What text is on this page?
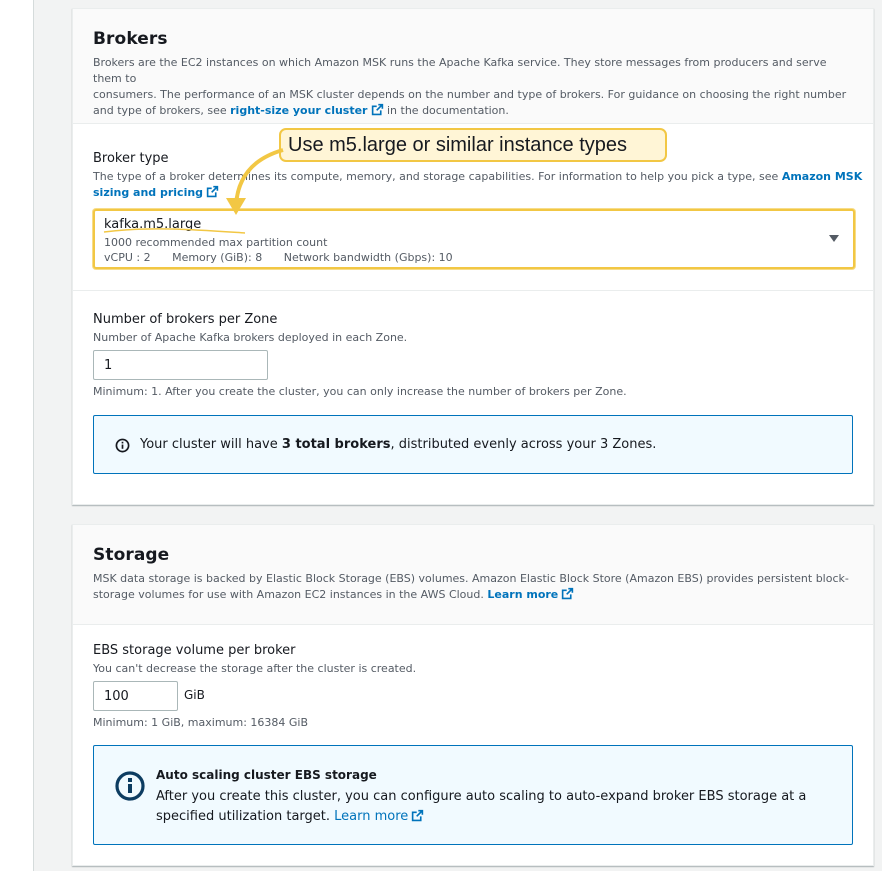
Brokers
Brokers are the EC2 instances on which Amazon MSK runs the Apache Kafka service. They store messages from producers and serve them to
consumers. The performance of an MSK cluster depends on the number and type of brokers. For guidance on choosing the right number
and type of brokers, see right-size your cluster in the documentation.
Broker type
The type of a broker determines its compute, memory, and storage capabilities. For information to help you pick a type, see Amazon MSK
sizing and pricing
kafka.m5.large
1000 recommended max partition count
vCPU : 2 Memory (GiB): 8 Network bandwidth (Gbps): 10
Number of brokers per Zone
Number of Apache Kafka brokers deployed in each Zone.
1
Minimum: 1. After you create the cluster, you can only increase the number of brokers per Zone.
Your cluster will have 3 total brokers, distributed evenly across your 3 Zones.
Storage
MSK data storage is backed by Elastic Block Storage (EBS) volumes. Amazon Elastic Block Store (Amazon EBS) provides persistent block-
storage volumes for use with Amazon EC2 instances in the AWS Cloud. Learn more
EBS storage volume per broker
You can't decrease the storage after the cluster is created.
100
GiB
Minimum: 1 GiB, maximum: 16384 GiB
Auto scaling cluster EBS storage
After you create this cluster, you can configure auto scaling to auto-expand broker EBS storage at a
specified utilization target. Learn more
Use m5.large or similar instance types
